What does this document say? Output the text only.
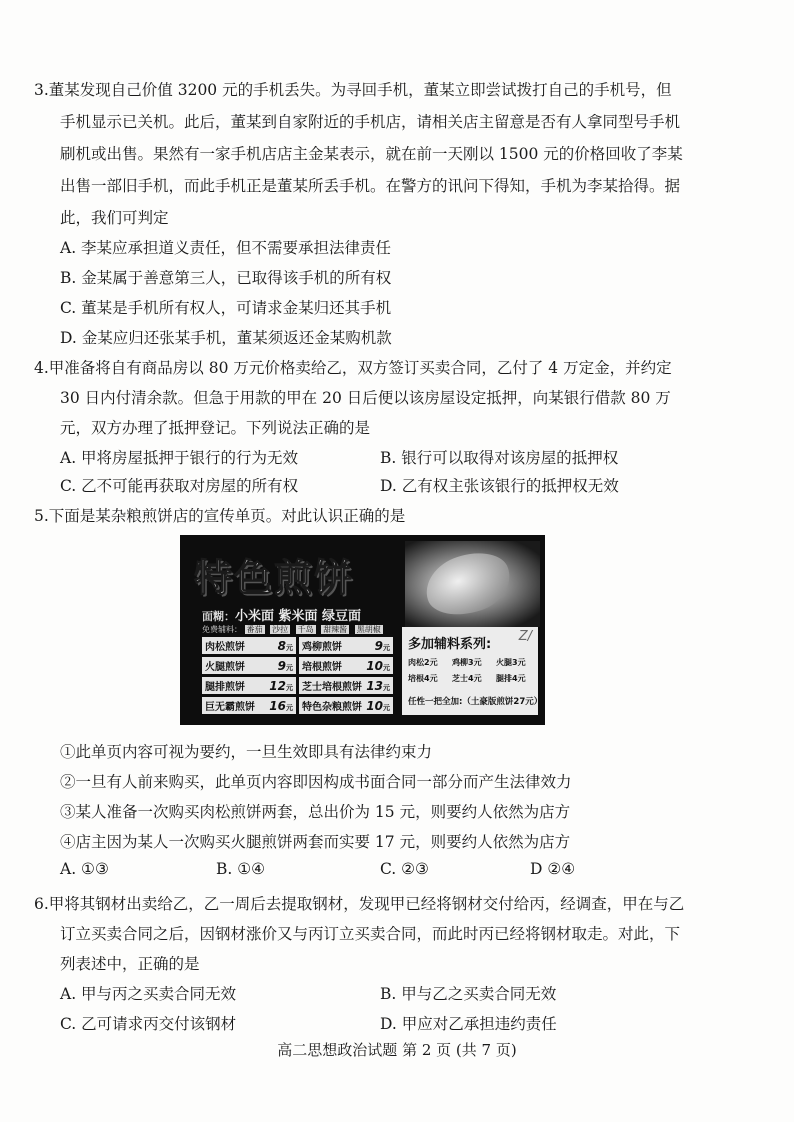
3.董某发现自己价值 3200 元的手机丢失。为寻回手机，董某立即尝试拨打自己的手机号，但
手机显示已关机。此后，董某到自家附近的手机店，请相关店主留意是否有人拿同型号手机
刷机或出售。果然有一家手机店店主金某表示，就在前一天刚以 1500 元的价格回收了李某
出售一部旧手机，而此手机正是董某所丢手机。在警方的讯问下得知，手机为李某拾得。据
此，我们可判定
A. 李某应承担道义责任，但不需要承担法律责任
B. 金某属于善意第三人，已取得该手机的所有权
C. 董某是手机所有权人，可请求金某归还其手机
D. 金某应归还张某手机，董某须返还金某购机款
4.甲准备将自有商品房以 80 万元价格卖给乙，双方签订买卖合同，乙付了 4 万定金，并约定
30 日内付清余款。但急于用款的甲在 20 日后便以该房屋设定抵押，向某银行借款 80 万
元，双方办理了抵押登记。下列说法正确的是
A. 甲将房屋抵押于银行的行为无效	B. 银行可以取得对该房屋的抵押权
C. 乙不可能再获取对房屋的所有权	D. 乙有权主张该银行的抵押权无效
5.下面是某杂粮煎饼店的宣传单页。对此认识正确的是
特色煎饼
面糊：小米面 紫米面 绿豆面
免费辅料： 番茄 沙拉 千岛 甜辣酱 黑胡椒
肉松煎饼	8元 鸡柳煎饼	9元
火腿煎饼	9元 培根煎饼 10元
腿排煎饼 12元 芝士培根煎饼 13元
巨无霸煎饼 16元 特色杂粮煎饼 10元
多加辅料系列:
Z/
肉松2元 鸡柳3元 火腿3元
培根4元 芝士4元 腿排4元
任性一把全加:（土豪版煎饼27元）
①此单页内容可视为要约，一旦生效即具有法律约束力
②一旦有人前来购买，此单页内容即因构成书面合同一部分而产生法律效力
③某人准备一次购买肉松煎饼两套，总出价为 15 元，则要约人依然为店方
④店主因为某人一次购买火腿煎饼两套而实要 17 元，则要约人依然为店方
A. ①③	B. ①④	C. ②③	D ②④
6.甲将其钢材出卖给乙，乙一周后去提取钢材，发现甲已经将钢材交付给丙，经调查，甲在与乙
订立买卖合同之后，因钢材涨价又与丙订立买卖合同，而此时丙已经将钢材取走。对此，下
列表述中，正确的是
A. 甲与丙之买卖合同无效	B. 甲与乙之买卖合同无效
C. 乙可请求丙交付该钢材	D. 甲应对乙承担违约责任
高二思想政治试题 第 2 页 (共 7 页)
